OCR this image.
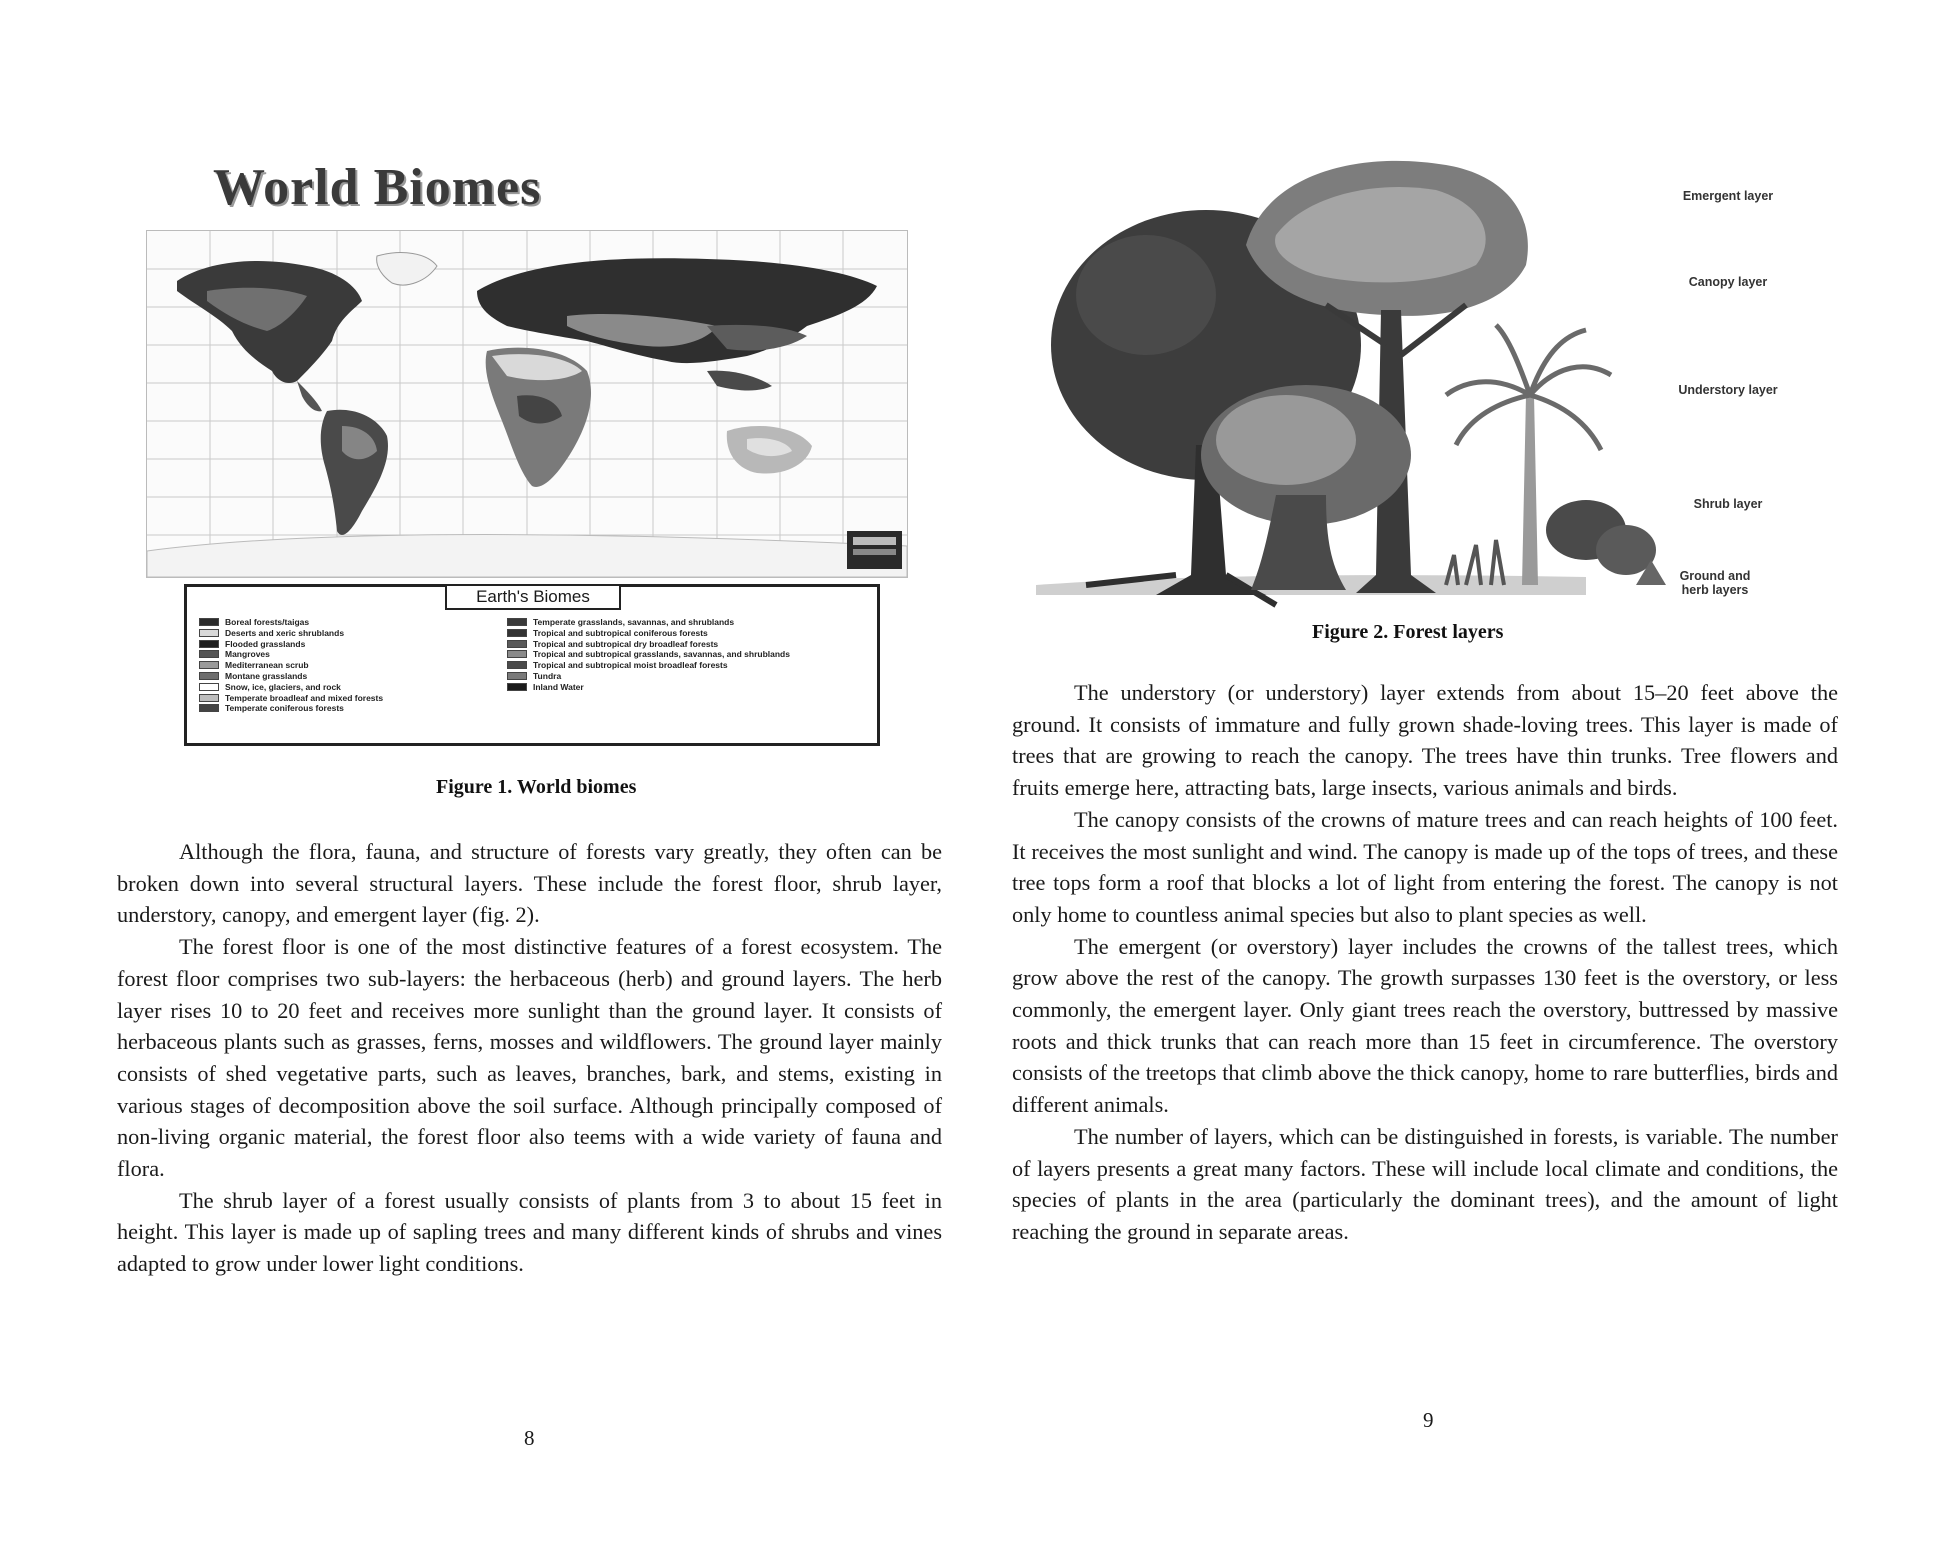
World Biomes
Earth's Biomes
Boreal forests/taigas
Deserts and xeric shrublands
Flooded grasslands
Mangroves
Mediterranean scrub
Montane grasslands
Snow, ice, glaciers, and rock
Temperate broadleaf and mixed forests
Temperate coniferous forests
Temperate grasslands, savannas, and shrublands
Tropical and subtropical coniferous forests
Tropical and subtropical dry broadleaf forests
Tropical and subtropical grasslands, savannas, and shrublands
Tropical and subtropical moist broadleaf forests
Tundra
Inland Water
Figure 1. World biomes

Although the flora, fauna, and structure of forests vary greatly, they often can be broken down into several structural layers. These include the forest floor, shrub layer, understory, canopy, and emergent layer (fig. 2).

The forest floor is one of the most distinctive features of a forest ecosystem. The forest floor comprises two sub-layers: the herbaceous (herb) and ground layers. The herb layer rises 10 to 20 feet and receives more sunlight than the ground layer. It consists of herbaceous plants such as grasses, ferns, mosses and wildflowers. The ground layer mainly consists of shed vegetative parts, such as leaves, branches, bark, and stems, existing in various stages of decomposition above the soil surface. Although principally composed of non-living organic material, the forest floor also teems with a wide variety of fauna and flora.

The shrub layer of a forest usually consists of plants from 3 to about 15 feet in height. This layer is made up of sapling trees and many different kinds of shrubs and vines adapted to grow under lower light conditions.

8
Emergent layer
Canopy layer
Understory layer
Shrub layer
Ground and herb layers
Figure 2. Forest layers

The understory (or understory) layer extends from about 15–20 feet above the ground. It consists of immature and fully grown shade-loving trees. This layer is made of trees that are growing to reach the canopy. The trees have thin trunks. Tree flowers and fruits emerge here, attracting bats, large insects, various animals and birds.

The canopy consists of the crowns of mature trees and can reach heights of 100 feet. It receives the most sunlight and wind. The canopy is made up of the tops of trees, and these tree tops form a roof that blocks a lot of light from entering the forest. The canopy is not only home to countless animal species but also to plant species as well.

The emergent (or overstory) layer includes the crowns of the tallest trees, which grow above the rest of the canopy. The growth surpasses 130 feet is the overstory, or less commonly, the emergent layer. Only giant trees reach the overstory, buttressed by massive roots and thick trunks that can reach more than 15 feet in circumference. The overstory consists of the treetops that climb above the thick canopy, home to rare butterflies, birds and different animals.

The number of layers, which can be distinguished in forests, is variable. The number of layers presents a great many factors. These will include local climate and conditions, the species of plants in the area (particularly the dominant trees), and the amount of light reaching the ground in separate areas.

9
